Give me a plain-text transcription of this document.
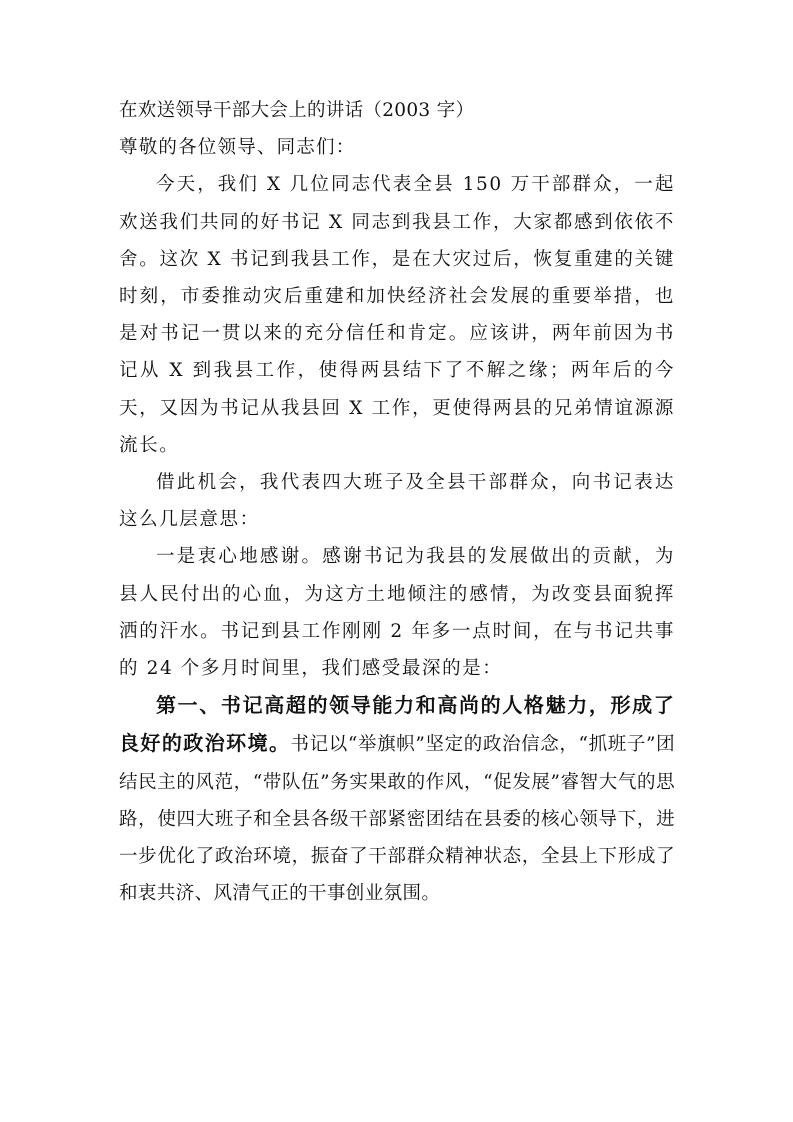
在欢送领导干部大会上的讲话（2003 字）

尊敬的各位领导、同志们：

今天，我们 X 几位同志代表全县 150 万干部群众，一起欢送我们共同的好书记 X 同志到我县工作，大家都感到依依不舍。这次 X 书记到我县工作，是在大灾过后，恢复重建的关键时刻，市委推动灾后重建和加快经济社会发展的重要举措，也是对书记一贯以来的充分信任和肯定。应该讲，两年前因为书记从 X 到我县工作，使得两县结下了不解之缘；两年后的今天，又因为书记从我县回 X 工作，更使得两县的兄弟情谊源源流长。

借此机会，我代表四大班子及全县干部群众，向书记表达这么几层意思：

一是衷心地感谢。感谢书记为我县的发展做出的贡献，为县人民付出的心血，为这方土地倾注的感情，为改变县面貌挥洒的汗水。书记到县工作刚刚 2 年多一点时间，在与书记共事的 24 个多月时间里，我们感受最深的是：

第一、书记高超的领导能力和高尚的人格魅力，形成了良好的政治环境。书记以“举旗帜”坚定的政治信念，“抓班子”团结民主的风范，“带队伍”务实果敢的作风，“促发展”睿智大气的思路，使四大班子和全县各级干部紧密团结在县委的核心领导下，进一步优化了政治环境，振奋了干部群众精神状态，全县上下形成了和衷共济、风清气正的干事创业氛围。
